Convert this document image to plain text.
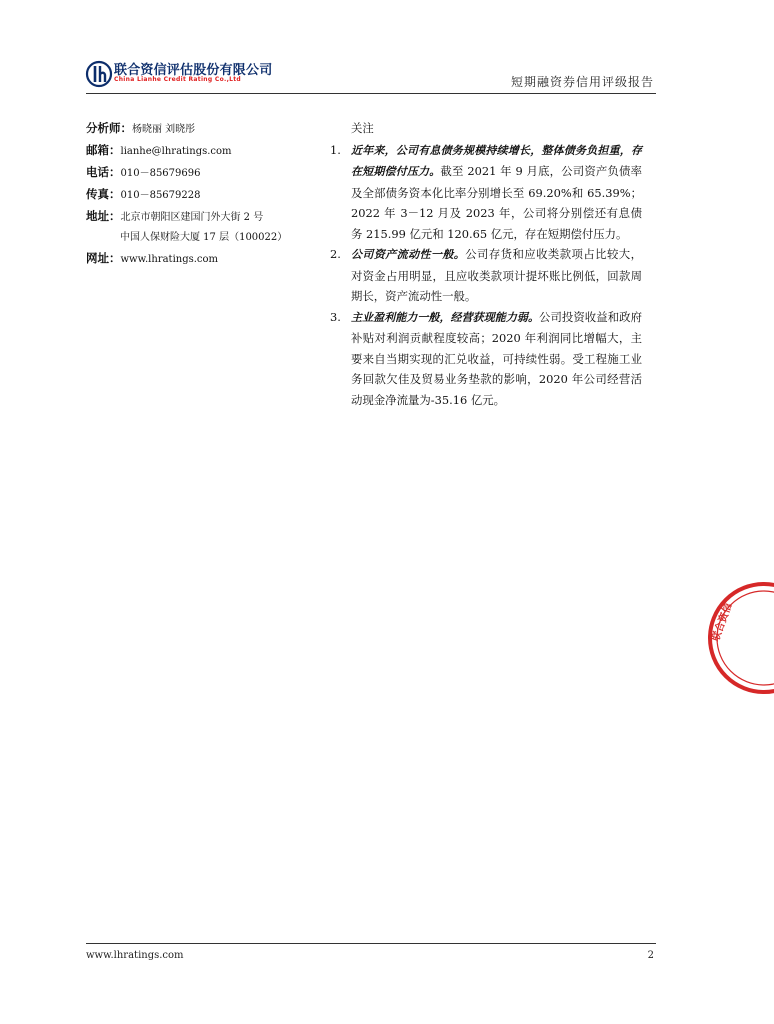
联合资信评估股份有限公司
China Lianhe Credit Rating Co.,Ltd	短期融资券信用评级报告
分析师：杨晓丽 刘晓彤
邮箱：lianhe@lhratings.com
电话：010－85679696
传真：010－85679228
地址：北京市朝阳区建国门外大街 2 号
中国人保财险大厦 17 层（100022）
网址：www.lhratings.com
关注
1. 近年来，公司有息债务规模持续增长，整体债务负担重，存在短期偿付压力。截至 2021 年 9 月底，公司资产负债率及全部债务资本化比率分别增长至 69.20%和 65.39%；2022 年 3－12 月及 2023 年，公司将分别偿还有息债务 215.99 亿元和 120.65 亿元，存在短期偿付压力。
2. 公司资产流动性一般。公司存货和应收类款项占比较大，对资金占用明显，且应收类款项计提坏账比例低，回款周期长，资产流动性一般。
3. 主业盈利能力一般，经营获现能力弱。公司投资收益和政府补贴对利润贡献程度较高；2020 年利润同比增幅大，主要来自当期实现的汇兑收益，可持续性弱。受工程施工业务回款欠佳及贸易业务垫款的影响，2020 年公司经营活动现金净流量为-35.16 亿元。
联合资信
www.lhratings.com	2
